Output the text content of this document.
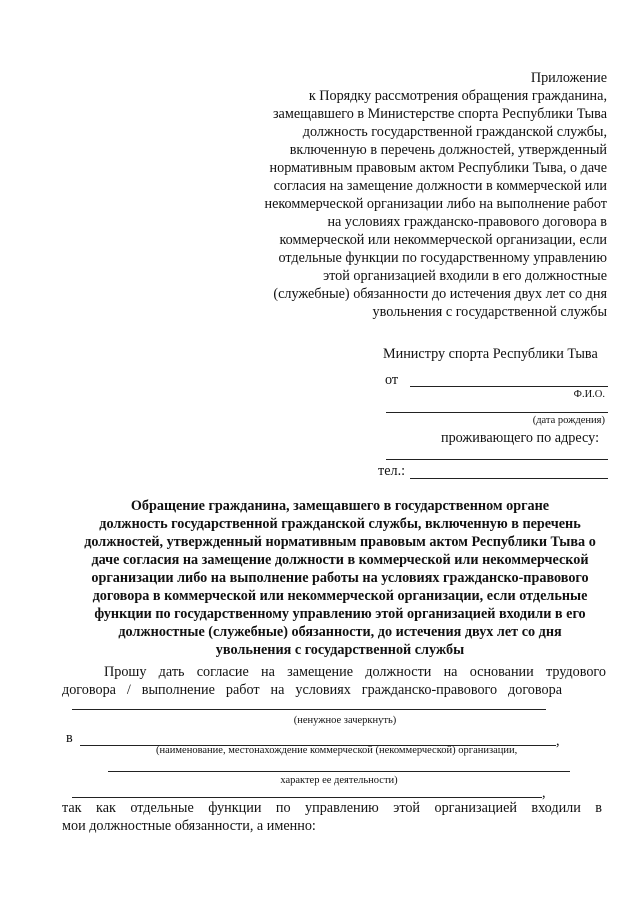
Приложение
к Порядку рассмотрения обращения гражданина,
замещавшего в Министерстве спорта Республики Тыва
должность государственной гражданской службы,
включенную в перечень должностей, утвержденный
нормативным правовым актом Республики Тыва, о даче
согласия на замещение должности в коммерческой или
некоммерческой организации либо на выполнение работ
на условиях гражданско-правового договора в
коммерческой или некоммерческой организации, если
отдельные функции по государственному управлению
этой организацией входили в его должностные
(служебные) обязанности до истечения двух лет со дня
увольнения с государственной службы
Министру спорта Республики Тыва
от
Ф.И.О.
(дата рождения)
проживающего по адресу:
тел.:
Обращение гражданина, замещавшего в государственном органе
должность государственной гражданской службы, включенную в перечень
должностей, утвержденный нормативным правовым актом Республики Тыва о
даче согласия на замещение должности в коммерческой или некоммерческой
организации либо на выполнение работы на условиях гражданско-правового
договора в коммерческой или некоммерческой организации, если отдельные
функции по государственному управлению этой организацией входили в его
должностные (служебные) обязанности, до истечения двух лет со дня
увольнения с государственной службы
Прошу дать согласие на замещение должности на основании трудового
договора / выполнение работ на условиях гражданско-правового договора
(ненужное зачеркнуть)
в	,
(наименование, местонахождение коммерческой (некоммерческой) организации,
характер ее деятельности)
,
так как отдельные функции по управлению этой организацией входили в
мои должностные обязанности, а именно:
